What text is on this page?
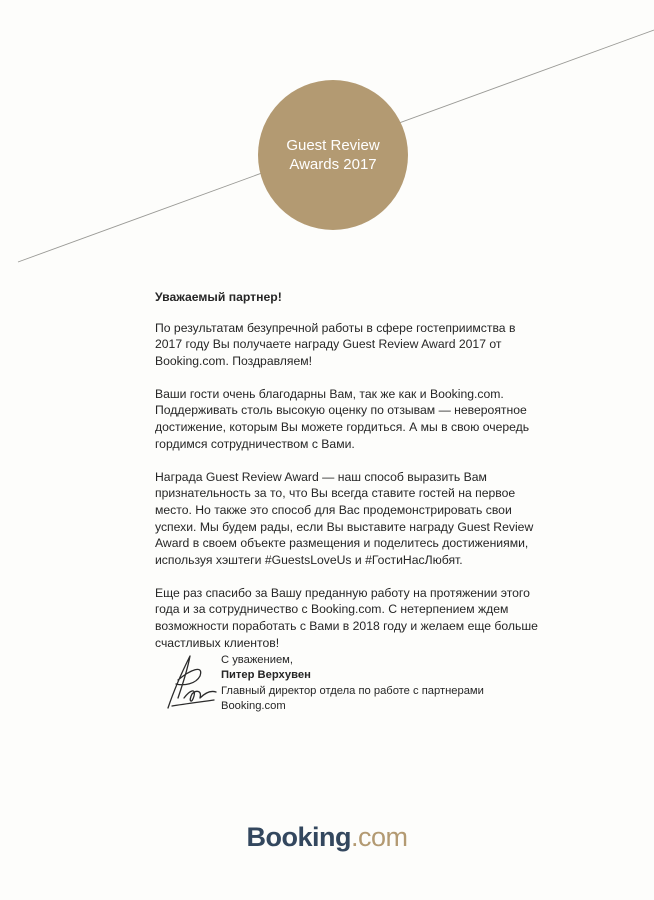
Guest Review
Awards 2017

Уважаемый партнер!

По результатам безупречной работы в сфере гостеприимства в 2017 году Вы получаете награду Guest Review Award 2017 от Booking.com. Поздравляем!

Ваши гости очень благодарны Вам, так же как и Booking.com. Поддерживать столь высокую оценку по отзывам — невероятное достижение, которым Вы можете гордиться. А мы в свою очередь гордимся сотрудничеством с Вами.

Награда Guest Review Award — наш способ выразить Вам признательность за то, что Вы всегда ставите гостей на первое место. Но также это способ для Вас продемонстрировать свои успехи. Мы будем рады, если Вы выставите награду Guest Review Award в своем объекте размещения и поделитесь достижениями, используя хэштеги #GuestsLoveUs и #ГостиНасЛюбят.

Еще раз спасибо за Вашу преданную работу на протяжении этого года и за сотрудничество с Booking.com. С нетерпением ждем возможности поработать с Вами в 2018 году и желаем еще больше счастливых клиентов!

С уважением,
Питер Верхувен
Главный директор отдела по работе с партнерами
Booking.com
Booking.com
